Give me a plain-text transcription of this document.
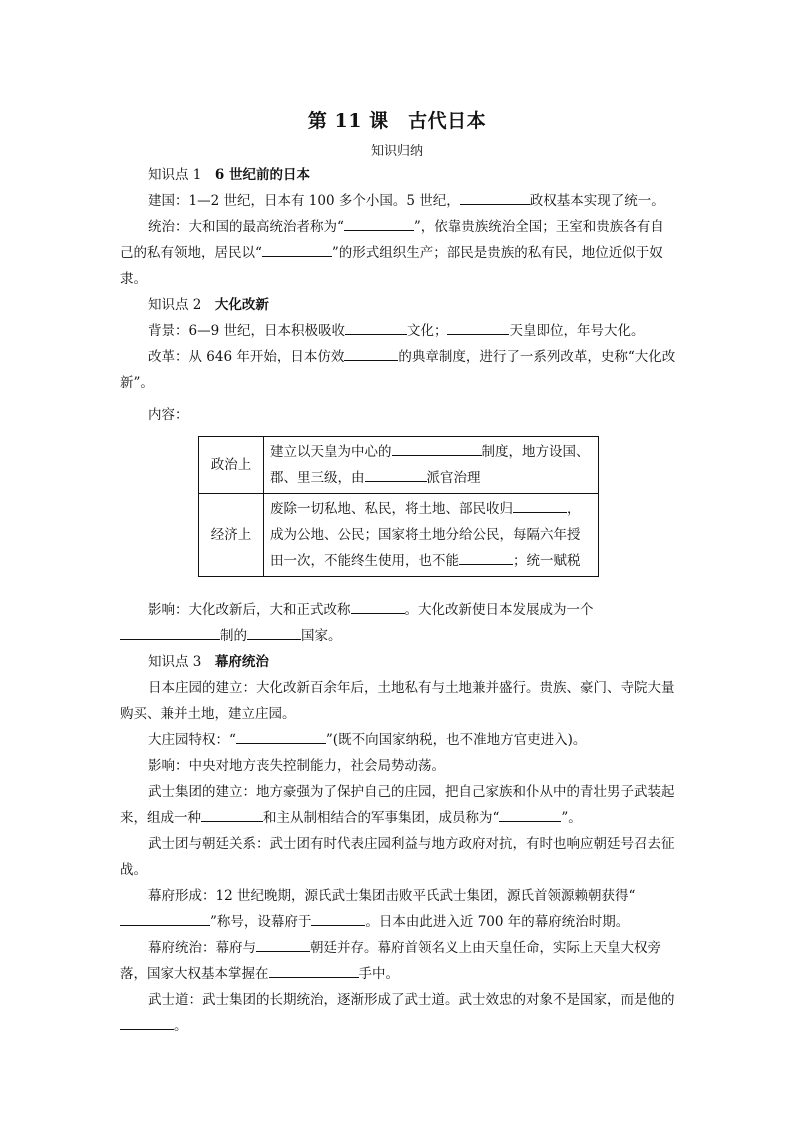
第 11 课　古代日本
知识归纳

知识点 1　6 世纪前的日本

建国：1—2 世纪，日本有 100 多个小国。5 世纪，	政权基本实现了统一。

统治：大和国的最高统治者称为“	”，依靠贵族统治全国；王室和贵族各有自己的私有领地，居民以“	”的形式组织生产；部民是贵族的私有民，地位近似于奴隶。

知识点 2　大化改新

背景：6—9 世纪，日本积极吸收	文化；	天皇即位，年号大化。

改革：从 646 年开始，日本仿效	的典章制度，进行了一系列改革，史称“大化改新”。

内容：

政治上	建立以天皇为中心的 制度，地方设国、郡、里三级，由 派官治理
经济上	废除一切私地、私民，将土地、部民收归 ，成为公地、公民；国家将土地分给公民，每隔六年授田一次，不能终生使用，也不能 ；统一赋税

影响：大化改新后，大和正式改称	。大化改新使日本发展成为一个制的	国家。

知识点 3　幕府统治

日本庄园的建立：大化改新百余年后，土地私有与土地兼并盛行。贵族、豪门、寺院大量购买、兼并土地，建立庄园。

大庄园特权：“	”(既不向国家纳税，也不准地方官吏进入)。

影响：中央对地方丧失控制能力，社会局势动荡。

武士集团的建立：地方豪强为了保护自己的庄园，把自己家族和仆从中的青壮男子武装起来，组成一种	和主从制相结合的军事集团，成员称为“	”。

武士团与朝廷关系：武士团有时代表庄园利益与地方政府对抗，有时也响应朝廷号召去征战。

幕府形成：12 世纪晚期，源氏武士集团击败平氏武士集团，源氏首领源赖朝获得“”称号，设幕府于	。日本由此进入近 700 年的幕府统治时期。

幕府统治：幕府与	朝廷并存。幕府首领名义上由天皇任命，实际上天皇大权旁落，国家大权基本掌握在	手中。

武士道：武士集团的长期统治，逐渐形成了武士道。武士效忠的对象不是国家，而是他的。
